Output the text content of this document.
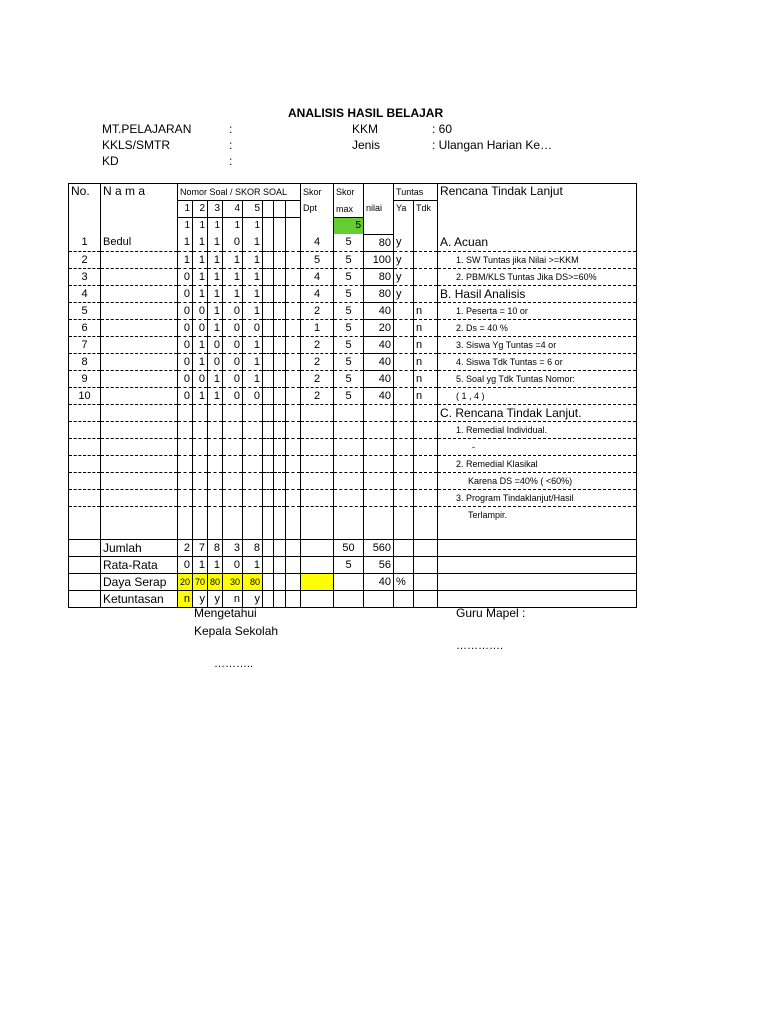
ANALISIS HASIL BELAJAR
MT.PELAJARAN	:
KKLS/SMTR	:
KD	:
KKM	: 60
Jenis	: Ulangan Harian Ke…
No.	N a m a	Nomor Soal / SKOR SOAL								Skor	Skor		Tuntas		Rencana Tindak Lanjut
		1	2	3	4	5				Dpt	max	nilai	Ya	Tdk	
		1	1	1	1	1					5				
1	Bedul	1	1	1	0	1				4	5	80	y		A. Acuan
2		1	1	1	1	1				5	5	100	y		1. SW Tuntas jika Nilai >=KKM
3		0	1	1	1	1				4	5	80	y		2. PBM/KLS Tuntas Jika DS>=60%
4		0	1	1	1	1				4	5	80	y		B. Hasil Analisis
5		0	0	1	0	1				2	5	40		n	1. Peserta = 10 or
6		0	0	1	0	0				1	5	20		n	2. Ds = 40 %
7		0	1	0	0	1				2	5	40		n	3. Siswa Yg Tuntas =4 or
8		0	1	0	0	1				2	5	40		n	4. Siswa Tdk Tuntas = 6 or
9		0	0	1	0	1				2	5	40		n	5. Soal yg Tdk Tuntas Nomor:
10		0	1	1	0	0				2	5	40		n	( 1 , 4 )
															C. Rencana Tindak Lanjut.
															1. Remedial Individual.
															-
															2. Remedial Klasikal
															Karena DS =40% ( <60%)
															3. Program Tindaklanjut/Hasil
															Terlampir.

	Jumlah	2	7	8	3	8					50	560			
	Rata-Rata	0	1	1	0	1					5	56			
	Daya Serap	20	70	80	30	80						40	%		
	Ketuntasan	n	y	y	n	y									
Mengetahui
Kepala Sekolah
………..
Guru Mapel :
………….
